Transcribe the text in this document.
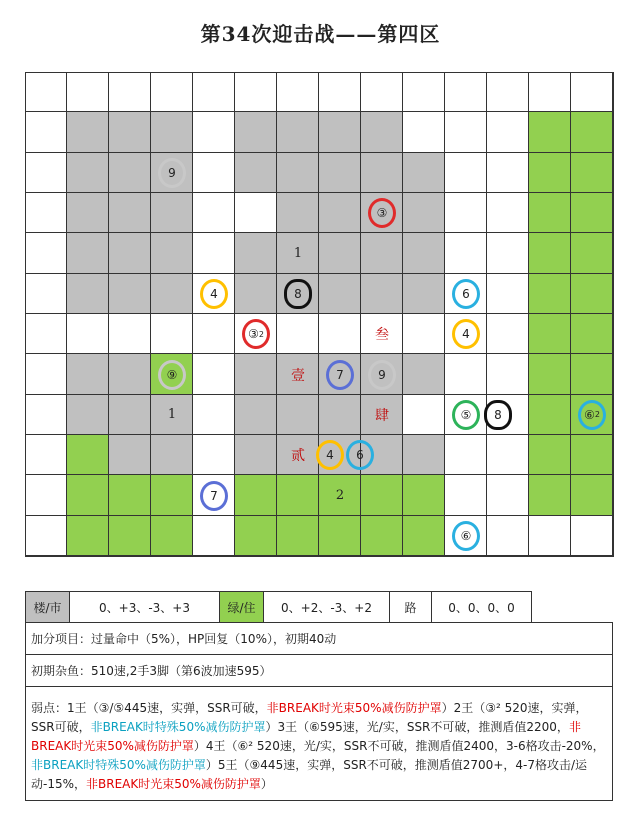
第34次迎击战——第四区
9
③
1
4	8	6
③ 2	叁	4
⑨	壹	7	9
1	肆	⑤ 8	⑥ 2
贰 4 6
7	2
⑥
楼/市	0、+3、-3、+3	绿/住	0、+2、-3、+2	路	0、0、0、0
加分项目：过量命中（5%），HP回复（10%），初期40动
初期杂鱼：510速,2手3脚（第6波加速595）
弱点：1王（③/⑤445速，实弹，SSR可破，非BREAK时光束50%减伤防护罩）2王（③² 520速，实弹，SSR可破，非BREAK时特殊50%减伤防护罩）3王（⑥595速，光/实，SSR不可破，推测盾值2200，非BREAK时光束50%减伤防护罩）4王（⑥² 520速，光/实，SSR不可破，推测盾值2400，3-6格攻击-20%，非BREAK时特殊50%减伤防护罩）5王（⑨445速，实弹，SSR不可破，推测盾值2700+，4-7格攻击/运动-15%，非BREAK时光束50%减伤防护罩）
